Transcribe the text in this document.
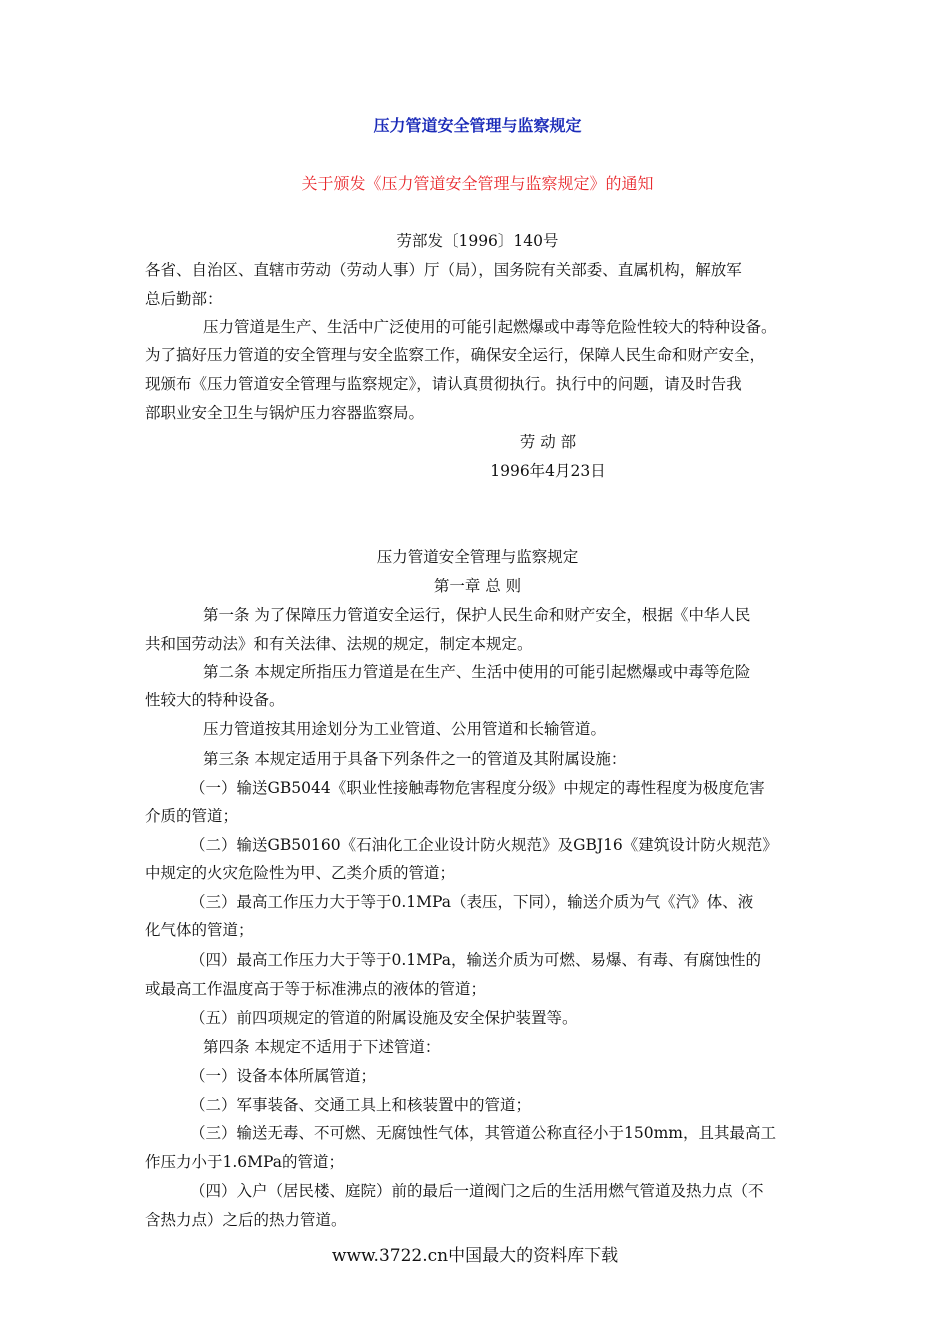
压力管道安全管理与监察规定
关于颁发《压力管道安全管理与监察规定》的通知
劳部发〔1996〕140号
各省、自治区、直辖市劳动（劳动人事）厅（局），国务院有关部委、直属机构，解放军
总后勤部：
压力管道是生产、生活中广泛使用的可能引起燃爆或中毒等危险性较大的特种设备。
为了搞好压力管道的安全管理与安全监察工作，确保安全运行，保障人民生命和财产安全，
现颁布《压力管道安全管理与监察规定》，请认真贯彻执行。执行中的问题，请及时告我
部职业安全卫生与锅炉压力容器监察局。
劳 动 部
1996年4月23日
压力管道安全管理与监察规定
第一章 总 则
第一条 为了保障压力管道安全运行，保护人民生命和财产安全，根据《中华人民
共和国劳动法》和有关法律、法规的规定，制定本规定。
第二条 本规定所指压力管道是在生产、生活中使用的可能引起燃爆或中毒等危险
性较大的特种设备。
压力管道按其用途划分为工业管道、公用管道和长输管道。
第三条 本规定适用于具备下列条件之一的管道及其附属设施：
（一）输送GB5044《职业性接触毒物危害程度分级》中规定的毒性程度为极度危害
介质的管道；
（二）输送GB50160《石油化工企业设计防火规范》及GBJ16《建筑设计防火规范》
中规定的火灾危险性为甲、乙类介质的管道；
（三）最高工作压力大于等于0.1MPa（表压，下同），输送介质为气《汽》体、液
化气体的管道；
（四）最高工作压力大于等于0.1MPa，输送介质为可燃、易爆、有毒、有腐蚀性的
或最高工作温度高于等于标准沸点的液体的管道；
（五）前四项规定的管道的附属设施及安全保护装置等。
第四条 本规定不适用于下述管道：
（一）设备本体所属管道；
（二）军事装备、交通工具上和核装置中的管道；
（三）输送无毒、不可燃、无腐蚀性气体，其管道公称直径小于150mm，且其最高工
作压力小于1.6MPa的管道；
（四）入户（居民楼、庭院）前的最后一道阀门之后的生活用燃气管道及热力点（不
含热力点）之后的热力管道。
www.3722.cn中国最大的资料库下载
